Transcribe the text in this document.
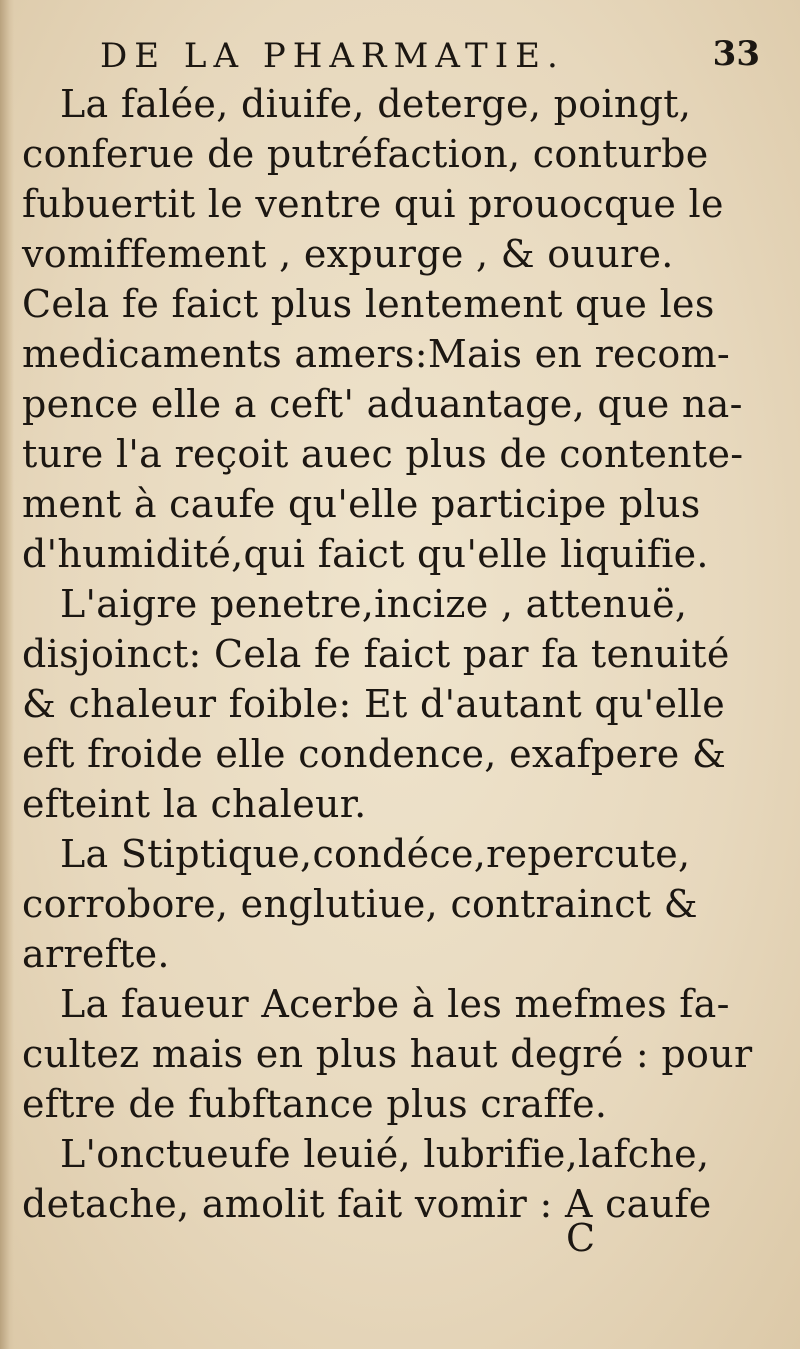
DE LA PHARMATIE.	33
La falée, diuife, deterge, poingt,
conferue de putréfaction, conturbe
fubuertit le ventre qui prouocque le
vomiffement , expurge , & ouure.
Cela fe faict plus lentement que les
medicaments amers:Mais en recom-
pence elle a ceft' aduantage, que na-
ture l'a reçoit auec plus de contente-
ment à caufe qu'elle participe plus
d'humidité,qui faict qu'elle liquifie.
L'aigre penetre,incize , attenuë,
disjoinct: Cela fe faict par fa tenuité
& chaleur foible: Et d'autant qu'elle
eft froide elle condence, exafpere &
efteint la chaleur.
La Stiptique,condéce,repercute,
corrobore, englutiue, contrainct &
arrefte.
La faueur Acerbe à les mefmes fa-
cultez mais en plus haut degré : pour
eftre de fubftance plus craffe.
L'onctueufe leuié, lubrifie,lafche,
detache, amolit fait vomir : A caufe
C
